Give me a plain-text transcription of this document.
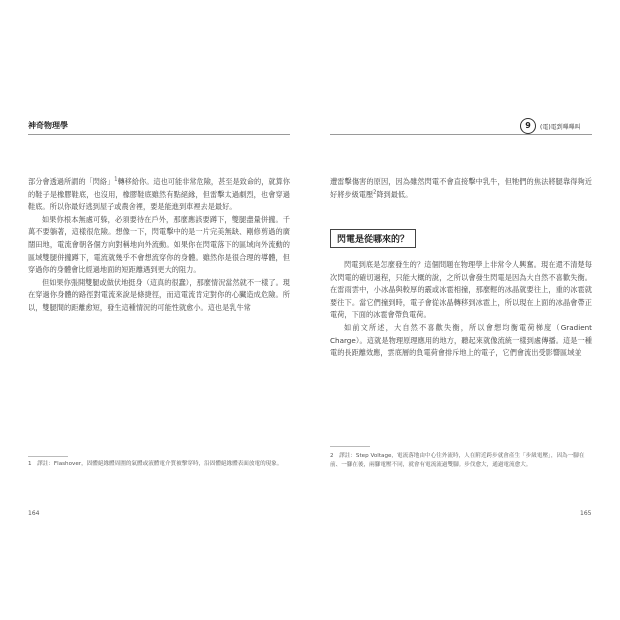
神奇物理學	9	(電)電到嗶嗶叫

部分會透過所謂的「閃絡」$^1$轉移給你。這也可能非常危險，甚至是致命的，就算你的鞋子是橡膠鞋底，也沒用，橡膠鞋底雖然有點絕緣，但雷擊太過劇烈，也會穿過鞋底。所以你最好逃到屋子或農舍裡，要是能進到車裡去是最好。

如果你根本無處可躲，必須要待在戶外，那麼應該要蹲下，雙腿盡量併攏。千萬不要躺著，這樣很危險。想像一下，閃電擊中的是一片完美無缺、剛修剪過的廣闊田地，電流會朝各個方向對稱地向外流動。如果你在閃電落下的區域向外流動的區域雙腿併攏蹲下，電流就幾乎不會想流穿你的身體。雖然你是很合理的導體，但穿過你的身體會比經過地面的短距離遇到更大的阻力。

但如果你張開雙腿或做伏地挺身（這真的很蠢），那麼情況當然就不一樣了。現在穿過你身體的路徑對電流來說是條捷徑，而這電流肯定對你的心臟造成危險。所以，雙腿間的距離愈短，發生這種情況的可能性就愈小。這也是乳牛常

1　譯註：Flashover，固體絕緣體周圍的氣體或液體電介質被擊穿時，沿固體絕緣體表面放電的現象。
164

遭雷擊傷害的原因，因為雖然閃電不會直接擊中乳牛，但牠們的焦法將腿靠得夠近好將步級電壓$^2$降到最低。

閃電是從哪來的？

閃電到底是怎麼發生的？這個問題在物理學上非常令人興奮。現在還不清楚每次閃電的確切過程，只能大概的說，之所以會發生閃電是因為大自然不喜歡失衡。在雷雨雲中，小冰晶與較厚的霰或冰雹相撞，那麼輕的冰晶就要往上，重的冰雹就要往下。當它們撞到時，電子會從冰晶轉移到冰雹上，所以現在上面的冰晶會帶正電荷，下面的冰雹會帶負電荷。

如前文所述，大自然不喜歡失衡，所以會想均衡電荷梯度（Gradient Charge）。這就是物理原理應用的地方，聽起來就像流統一樣到處傳播。這是一種電的長距離效應，雲底層的負電荷會排斥地上的電子，它們會流出受影響區域並

2　譯註：Step Voltage，電流落地由中心往外流時，人在附近跨步就會產生「步級電壓」，因為一腳在前、一腳在後，兩腳電壓不同，就會有電流流過雙腳。步伐愈大，通過電流愈大。
165
